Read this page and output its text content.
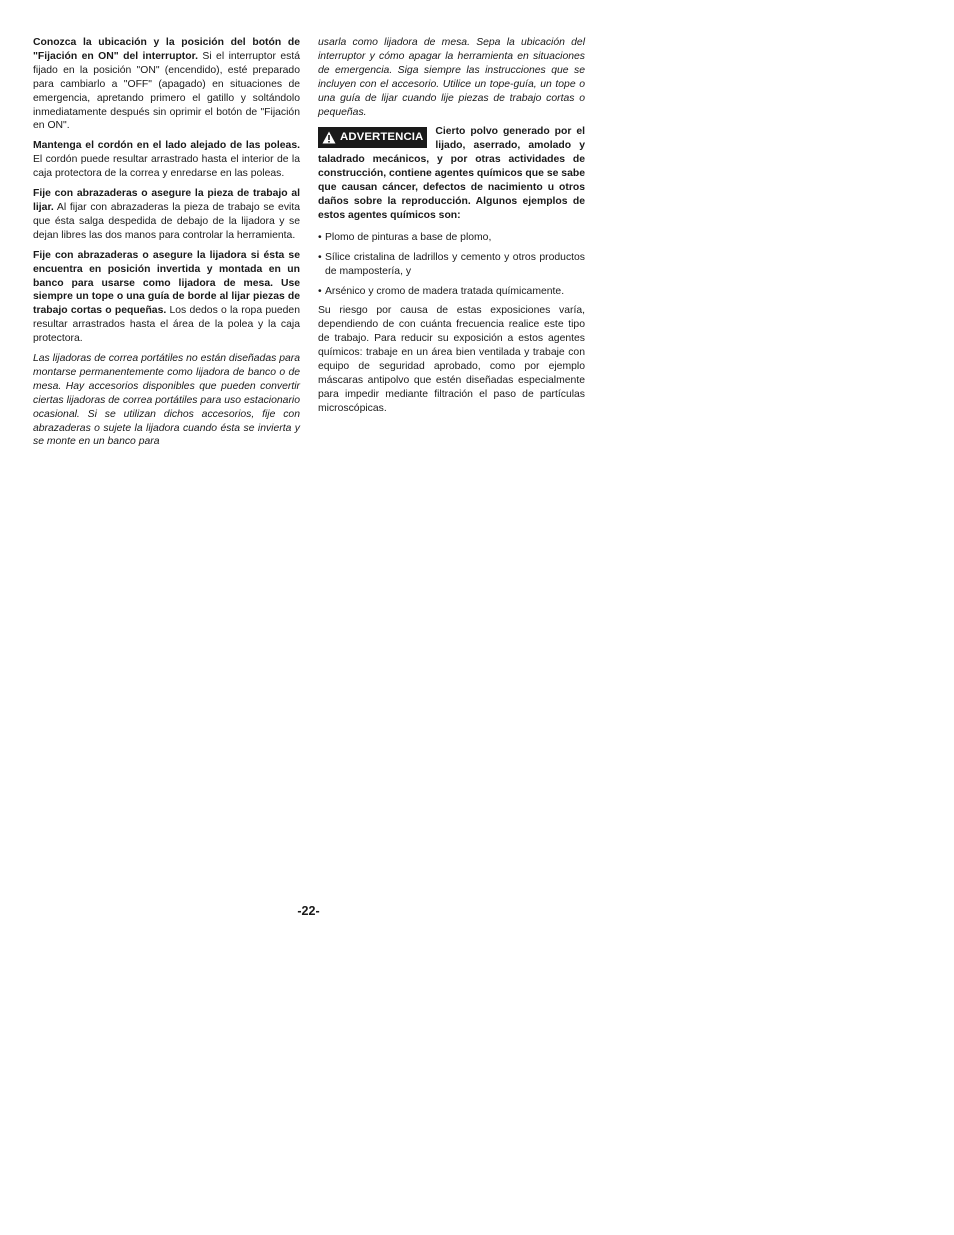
Conozca la ubicación y la posición del botón de "Fijación en ON" del interruptor. Si el interruptor está fijado en la posición "ON" (encendido), esté preparado para cambiarlo a "OFF" (apagado) en situaciones de emergencia, apretando primero el gatillo y soltándolo inmediatamente después sin oprimir el botón de "Fijación en ON".

Mantenga el cordón en el lado alejado de las poleas. El cordón puede resultar arrastrado hasta el interior de la caja protectora de la correa y enredarse en las poleas.

Fije con abrazaderas o asegure la pieza de trabajo al lijar. Al fijar con abrazaderas la pieza de trabajo se evita que ésta salga despedida de debajo de la lijadora y se dejan libres las dos manos para controlar la herramienta.

Fije con abrazaderas o asegure la lijadora si ésta se encuentra en posición invertida y montada en un banco para usarse como lijadora de mesa. Use siempre un tope o una guía de borde al lijar piezas de trabajo cortas o pequeñas. Los dedos o la ropa pueden resultar arrastrados hasta el área de la polea y la caja protectora.

Las lijadoras de correa portátiles no están diseñadas para montarse permanentemente como lijadora de banco o de mesa. Hay accesorios disponibles que pueden convertir ciertas lijadoras de correa portátiles para uso estacionario ocasional. Si se utilizan dichos accesorios, fije con abrazaderas o sujete la lijadora cuando ésta se invierta y se monte en un banco para

usarla como lijadora de mesa. Sepa la ubicación del interruptor y cómo apagar la herramienta en situaciones de emergencia. Siga siempre las instrucciones que se incluyen con el accesorio. Utilice un tope-guía, un tope o una guía de lijar cuando lije piezas de trabajo cortas o pequeñas.

ADVERTENCIA Cierto polvo generado por el lijado, aserrado, amolado y taladrado mecánicos, y por otras actividades de construcción, contiene agentes químicos que se sabe que causan cáncer, defectos de nacimiento u otros daños sobre la reproducción. Algunos ejemplos de estos agentes químicos son:
• Plomo de pinturas a base de plomo,
• Sílice cristalina de ladrillos y cemento y otros productos de mampostería, y
• Arsénico y cromo de madera tratada químicamente.

Su riesgo por causa de estas exposiciones varía, dependiendo de con cuánta frecuencia realice este tipo de trabajo. Para reducir su exposición a estos agentes químicos: trabaje en un área bien ventilada y trabaje con equipo de seguridad aprobado, como por ejemplo máscaras antipolvo que estén diseñadas especialmente para impedir mediante filtración el paso de partículas microscópicas.

-22-
